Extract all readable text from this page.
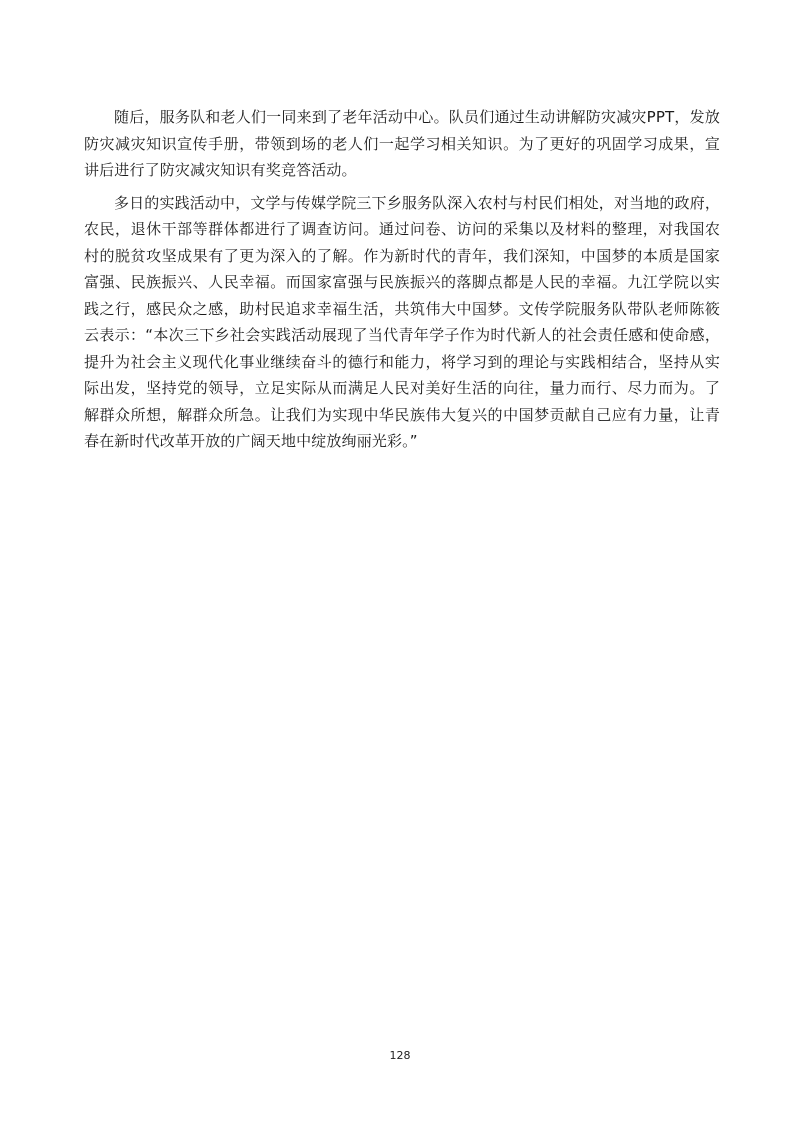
随后，服务队和老人们一同来到了老年活动中心。队员们通过生动讲解防灾减灾PPT，发放防灾减灾知识宣传手册，带领到场的老人们一起学习相关知识。为了更好的巩固学习成果，宣讲后进行了防灾减灾知识有奖竞答活动。

多日的实践活动中，文学与传媒学院三下乡服务队深入农村与村民们相处，对当地的政府，农民，退休干部等群体都进行了调查访问。通过问卷、访问的采集以及材料的整理，对我国农村的脱贫攻坚成果有了更为深入的了解。作为新时代的青年，我们深知，中国梦的本质是国家富强、民族振兴、人民幸福。而国家富强与民族振兴的落脚点都是人民的幸福。九江学院以实践之行，感民众之感，助村民追求幸福生活，共筑伟大中国梦。文传学院服务队带队老师陈筱云表示：“本次三下乡社会实践活动展现了当代青年学子作为时代新人的社会责任感和使命感，提升为社会主义现代化事业继续奋斗的德行和能力，将学习到的理论与实践相结合，坚持从实际出发，坚持党的领导，立足实际从而满足人民对美好生活的向往，量力而行、尽力而为。了解群众所想，解群众所急。让我们为实现中华民族伟大复兴的中国梦贡献自己应有力量，让青春在新时代改革开放的广阔天地中绽放绚丽光彩。”

128
